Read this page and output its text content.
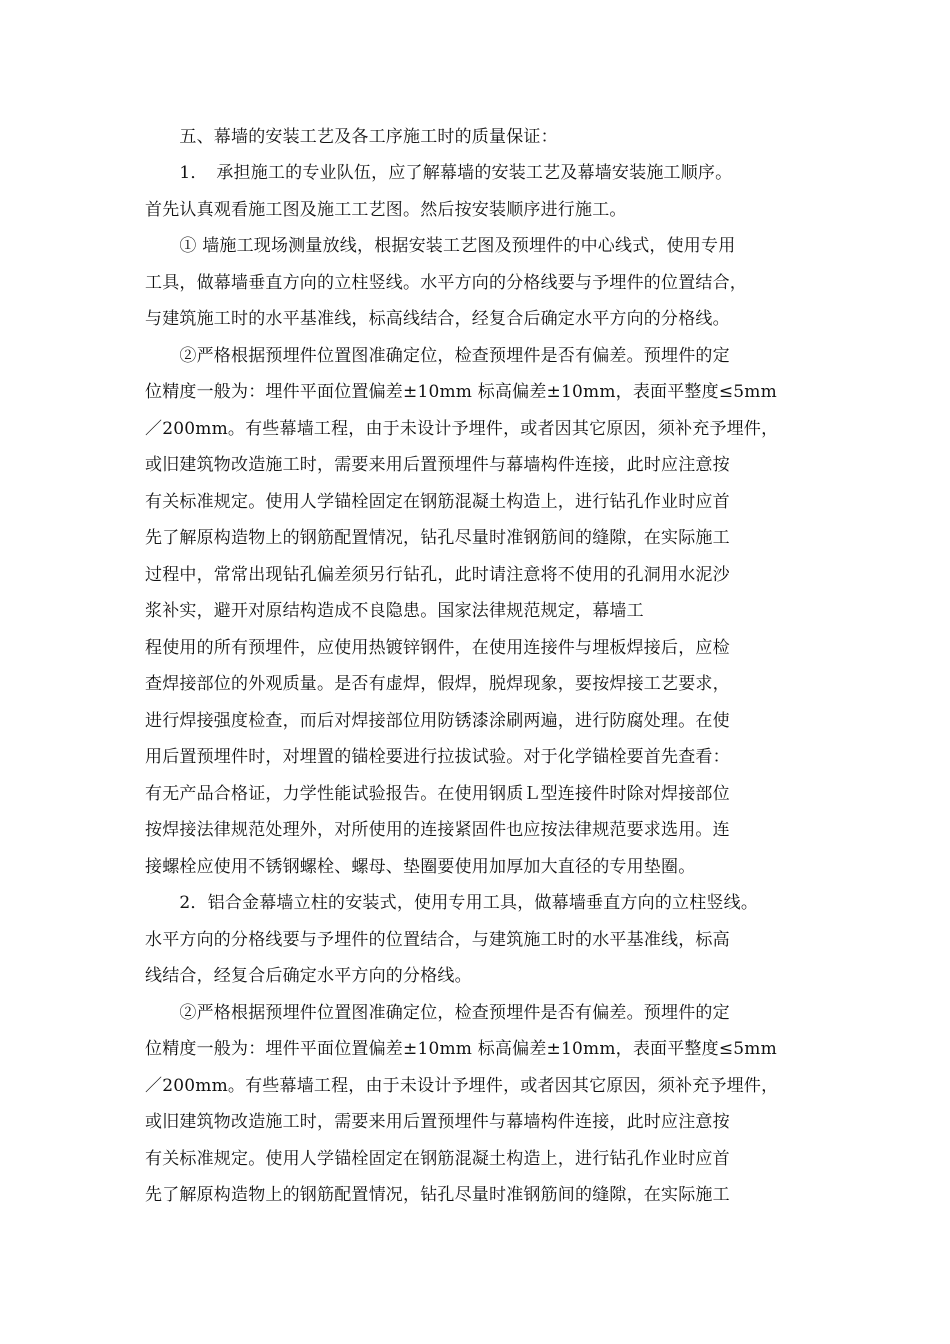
　　五、幕墙的安装工艺及各工序施工时的质量保证：
　　1．　承担施工的专业队伍，应了解幕墙的安装工艺及幕墙安装施工顺序。
首先认真观看施工图及施工工艺图。然后按安装顺序进行施工。
　　① 墙施工现场测量放线，根据安装工艺图及预埋件的中心线式，使用专用
工具，做幕墙垂直方向的立柱竖线。水平方向的分格线要与予埋件的位置结合，
与建筑施工时的水平基准线，标高线结合，经复合后确定水平方向的分格线。
　　②严格根据预埋件位置图准确定位，检查预埋件是否有偏差。预埋件的定
位精度一般为：埋件平面位置偏差±10mm 标高偏差±10mm，表面平整度≤5mm
／200mm。有些幕墙工程，由于未设计予埋件，或者因其它原因，须补充予埋件，
或旧建筑物改造施工时，需要来用后置预埋件与幕墙构件连接，此时应注意按
有关标准规定。使用人学锚栓固定在钢筋混凝土构造上，进行钻孔作业时应首
先了解原构造物上的钢筋配置情况，钻孔尽量时准钢筋间的缝隙，在实际施工
过程中，常常出现钻孔偏差须另行钻孔，此时请注意将不使用的孔洞用水泥沙
浆补实，避开对原结构造成不良隐患。国家法律规范规定，幕墙工
程使用的所有预埋件，应使用热镀锌钢件，在使用连接件与埋板焊接后，应检
查焊接部位的外观质量。是否有虚焊，假焊，脱焊现象，要按焊接工艺要求，
进行焊接强度检查，而后对焊接部位用防锈漆涂刷两遍，进行防腐处理。在使
用后置预埋件时，对埋置的锚栓要进行拉拔试验。对于化学锚栓要首先查看：
有无产品合格证，力学性能试验报告。在使用钢质Ｌ型连接件时除对焊接部位
按焊接法律规范处理外，对所使用的连接紧固件也应按法律规范要求选用。连
接螺栓应使用不锈钢螺栓、螺母、垫圈要使用加厚加大直径的专用垫圈。
　　2．铝合金幕墙立柱的安装式，使用专用工具，做幕墙垂直方向的立柱竖线。
水平方向的分格线要与予埋件的位置结合，与建筑施工时的水平基准线，标高
线结合，经复合后确定水平方向的分格线。
　　②严格根据预埋件位置图准确定位，检查预埋件是否有偏差。预埋件的定
位精度一般为：埋件平面位置偏差±10mm 标高偏差±10mm，表面平整度≤5mm
／200mm。有些幕墙工程，由于未设计予埋件，或者因其它原因，须补充予埋件，
或旧建筑物改造施工时，需要来用后置预埋件与幕墙构件连接，此时应注意按
有关标准规定。使用人学锚栓固定在钢筋混凝土构造上，进行钻孔作业时应首
先了解原构造物上的钢筋配置情况，钻孔尽量时准钢筋间的缝隙，在实际施工
